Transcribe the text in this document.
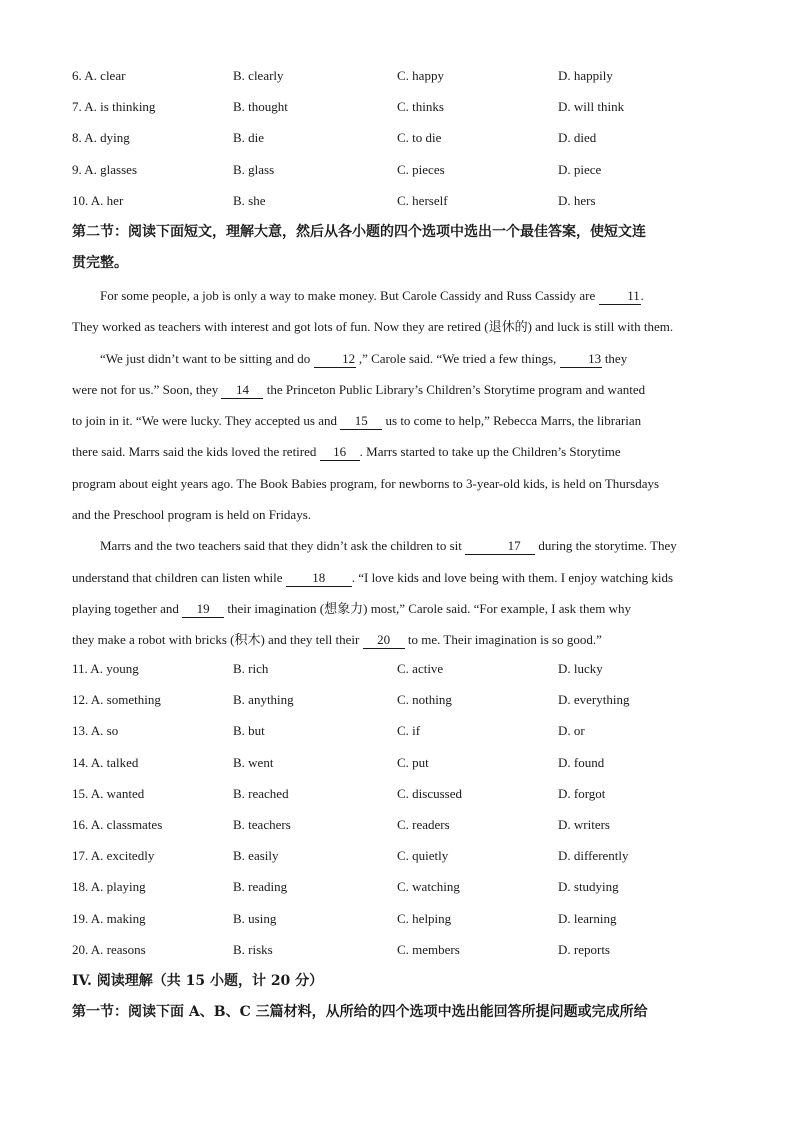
6. A. clear	B. clearly	C. happy	D. happily
7. A. is thinking	B. thought	C. thinks	D. will think
8. A. dying	B. die	C. to die	D. died
9. A. glasses	B. glass	C. pieces	D. piece
10. A. her	B. she	C. herself	D. hers
第二节：阅读下面短文，理解大意，然后从各小题的四个选项中选出一个最佳答案，使短文连
贯完整。
For some people, a job is only a way to make money. But Carole Cassidy and Russ Cassidy are 11.
They worked as teachers with interest and got lots of fun. Now they are retired (退休的) and luck is still with them.
“We just didn’t want to be sitting and do 12 ,” Carole said. “We tried a few things, 13 they
were not for us.” Soon, they 14 the Princeton Public Library’s Children’s Storytime program and wanted
to join in it. “We were lucky. They accepted us and 15 us to come to help,” Rebecca Marrs, the librarian
there said. Marrs said the kids loved the retired 16 . Marrs started to take up the Children’s Storytime
program about eight years ago. The Book Babies program, for newborns to 3-year-old kids, is held on Thursdays
and the Preschool program is held on Fridays.
Marrs and the two teachers said that they didn’t ask the children to sit	17 during the storytime. They
understand that children can listen while 18 . “I love kids and love being with them. I enjoy watching kids
playing together and 19 their imagination (想象力) most,” Carole said. “For example, I ask them why
they make a robot with bricks (积木) and they tell their 20 to me. Their imagination is so good.”
11. A. young	B. rich	C. active	D. lucky
12. A. something	B. anything	C. nothing	D. everything
13. A. so	B. but	C. if	D. or
14. A. talked	B. went	C. put	D. found
15. A. wanted	B. reached	C. discussed	D. forgot
16. A. classmates	B. teachers	C. readers	D. writers
17. A. excitedly	B. easily	C. quietly	D. differently
18. A. playing	B. reading	C. watching	D. studying
19. A. making	B. using	C. helping	D. learning
20. A. reasons	B. risks	C. members	D. reports
IV. 阅读理解（共 15 小题，计 20 分）
第一节：阅读下面 A、B、C 三篇材料，从所给的四个选项中选出能回答所提问题或完成所给
